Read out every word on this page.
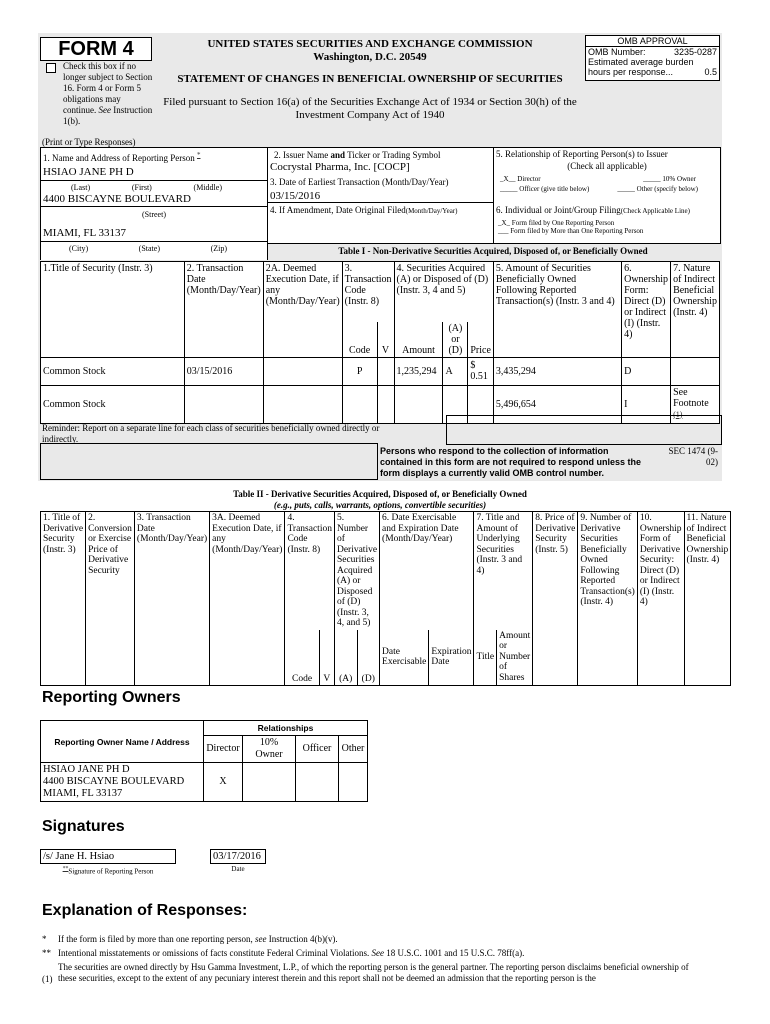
FORM 4
Check this box if no longer subject to Section 16. Form 4 or Form 5 obligations may continue. See Instruction 1(b).
UNITED STATES SECURITIES AND EXCHANGE COMMISSION
Washington, D.C. 20549
STATEMENT OF CHANGES IN BENEFICIAL OWNERSHIP OF SECURITIES
Filed pursuant to Section 16(a) of the Securities Exchange Act of 1934 or Section 30(h) of the Investment Company Act of 1940
OMB APPROVAL
OMB Number:	3235-0287
Estimated average burden
hours per response...	0.5
(Print or Type Responses)
1. Name and Address of Reporting Person *
HSIAO JANE PH D
(Last)	(First)	(Middle)
4400 BISCAYNE BOULEVARD
(Street)
MIAMI, FL 33137
(City)	(State)	(Zip)
2. Issuer Name and Ticker or Trading Symbol
Cocrystal Pharma, Inc. [COCP]
3. Date of Earliest Transaction (Month/Day/Year)
03/15/2016
4. If Amendment, Date Original Filed(Month/Day/Year)
5. Relationship of Reporting Person(s) to Issuer
(Check all applicable)
_X__ Director	_____ 10% Owner
_____ Officer (give title below)	_____ Other (specify below)
6. Individual or Joint/Group Filing(Check Applicable Line)
_X_ Form filed by One Reporting Person
___ Form filed by More than One Reporting Person
Table I - Non-Derivative Securities Acquired, Disposed of, or Beneficially Owned
1.Title of Security (Instr. 3)	2. Transaction Date (Month/Day/Year)	2A. Deemed Execution Date, if any (Month/Day/Year)	3. Transaction Code (Instr. 8)		4. Securities Acquired (A) or Disposed of (D) (Instr. 3, 4 and 5)			5. Amount of Securities Beneficially Owned Following Reported Transaction(s) (Instr. 3 and 4)	6. Ownership Form: Direct (D) or Indirect (I) (Instr. 4)	7. Nature of Indirect Beneficial Ownership (Instr. 4)
			Code	V	Amount	(A) or (D)	Price			
Common Stock	03/15/2016		P		1,235,294	A	$ 0.51	3,435,294	D	
Common Stock								5,496,654	I	See Footnote (1)
Reminder: Report on a separate line for each class of securities beneficially owned directly or indirectly.
Persons who respond to the collection of information contained in this form are not required to respond unless the form displays a currently valid OMB control number.
SEC 1474 (9-02)
Table II - Derivative Securities Acquired, Disposed of, or Beneficially Owned
(e.g., puts, calls, warrants, options, convertible securities)
1. Title of Derivative Security (Instr. 3)	2. Conversion or Exercise Price of Derivative Security	3. Transaction Date (Month/Day/Year)	3A. Deemed Execution Date, if any (Month/Day/Year)	4. Transaction Code (Instr. 8)		5. Number of Derivative Securities Acquired (A) or Disposed of (D) (Instr. 3, 4, and 5)		6. Date Exercisable and Expiration Date (Month/Day/Year)		7. Title and Amount of Underlying Securities (Instr. 3 and 4)		8. Price of Derivative Security (Instr. 5)	9. Number of Derivative Securities Beneficially Owned Following Reported Transaction(s) (Instr. 4)	10. Ownership Form of Derivative Security: Direct (D) or Indirect (I) (Instr. 4)	11. Nature of Indirect Beneficial Ownership (Instr. 4)
				Code	V	(A)	(D)	Date Exercisable	Expiration Date	Title	Amount or Number of Shares				
Reporting Owners
Reporting Owner Name / Address	Relationships			
	Director	10% Owner	Officer	Other

HSIAO JANE PH D
4400 BISCAYNE BOULEVARD
MIAMI, FL 33137	X			
Signatures
/s/ Jane H. Hsiao		03/17/2016
**Signature of Reporting Person		Date
Explanation of Responses:
* If the form is filed by more than one reporting person, see Instruction 4(b)(v).
** Intentional misstatements or omissions of facts constitute Federal Criminal Violations. See 18 U.S.C. 1001 and 15 U.S.C. 78ff(a).
(1)
The securities are owned directly by Hsu Gamma Investment, L.P., of which the reporting person is the general partner. The reporting person disclaims beneficial ownership of these securities, except to the extent of any pecuniary interest therein and this report shall not be deemed an admission that the reporting person is the
